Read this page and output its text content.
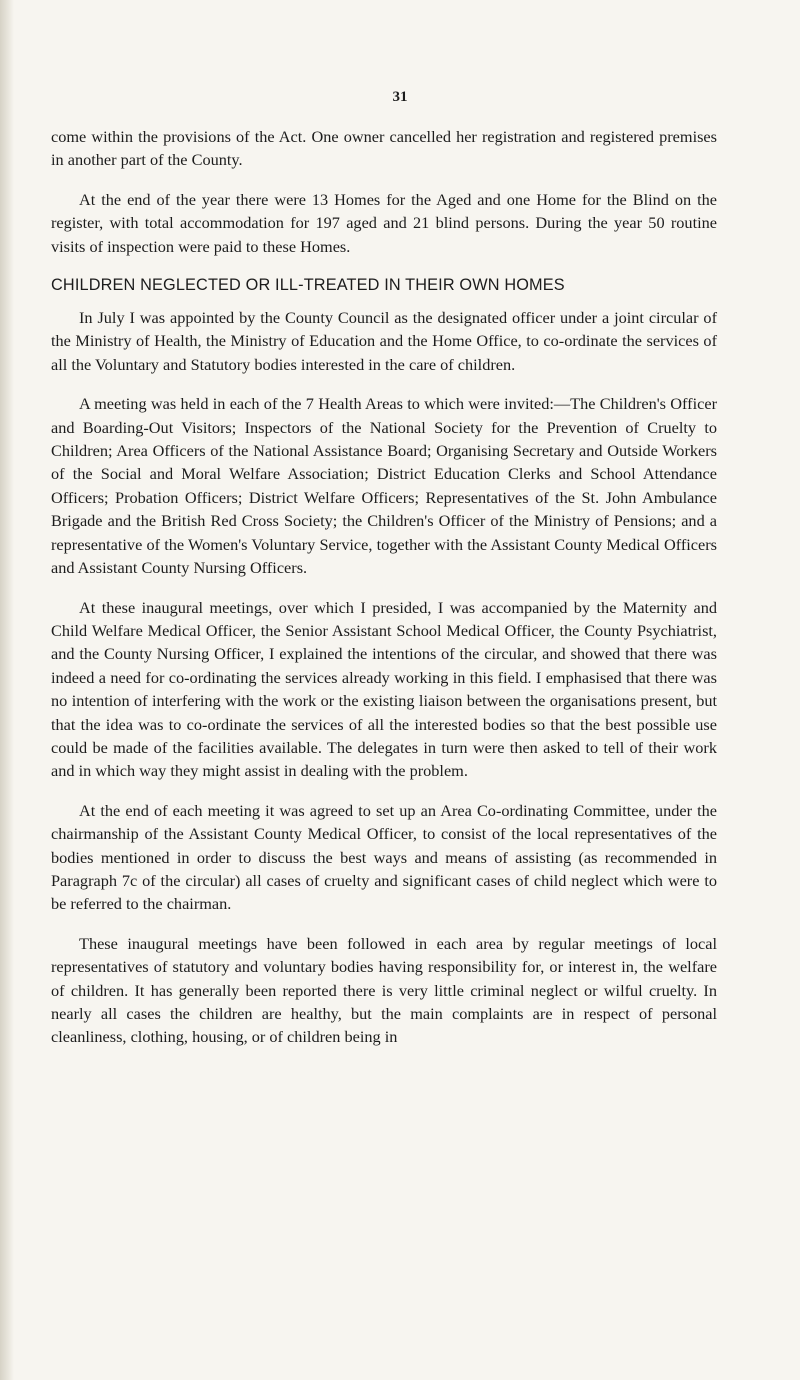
31

come within the provisions of the Act. One owner cancelled her registration and registered premises in another part of the County.

At the end of the year there were 13 Homes for the Aged and one Home for the Blind on the register, with total accommodation for 197 aged and 21 blind persons. During the year 50 routine visits of inspection were paid to these Homes.

CHILDREN NEGLECTED OR ILL-TREATED IN THEIR OWN HOMES

In July I was appointed by the County Council as the designated officer under a joint circular of the Ministry of Health, the Ministry of Education and the Home Office, to co-ordinate the services of all the Voluntary and Statutory bodies interested in the care of children.

A meeting was held in each of the 7 Health Areas to which were invited:—The Children's Officer and Boarding-Out Visitors; Inspectors of the National Society for the Prevention of Cruelty to Children; Area Officers of the National Assistance Board; Organising Secretary and Outside Workers of the Social and Moral Welfare Association; District Education Clerks and School Attendance Officers; Probation Officers; District Welfare Officers; Representatives of the St. John Ambulance Brigade and the British Red Cross Society; the Children's Officer of the Ministry of Pensions; and a representative of the Women's Voluntary Service, together with the Assistant County Medical Officers and Assistant County Nursing Officers.

At these inaugural meetings, over which I presided, I was accompanied by the Maternity and Child Welfare Medical Officer, the Senior Assistant School Medical Officer, the County Psychiatrist, and the County Nursing Officer, I explained the intentions of the circular, and showed that there was indeed a need for co-ordinating the services already working in this field. I emphasised that there was no intention of interfering with the work or the existing liaison between the organisations present, but that the idea was to co-ordinate the services of all the interested bodies so that the best possible use could be made of the facilities available. The delegates in turn were then asked to tell of their work and in which way they might assist in dealing with the problem.

At the end of each meeting it was agreed to set up an Area Co-ordinating Committee, under the chairmanship of the Assistant County Medical Officer, to consist of the local representatives of the bodies mentioned in order to discuss the best ways and means of assisting (as recommended in Paragraph 7c of the circular) all cases of cruelty and significant cases of child neglect which were to be referred to the chairman.

These inaugural meetings have been followed in each area by regular meetings of local representatives of statutory and voluntary bodies having responsibility for, or interest in, the welfare of children. It has generally been reported there is very little criminal neglect or wilful cruelty. In nearly all cases the children are healthy, but the main complaints are in respect of personal cleanliness, clothing, housing, or of children being in
